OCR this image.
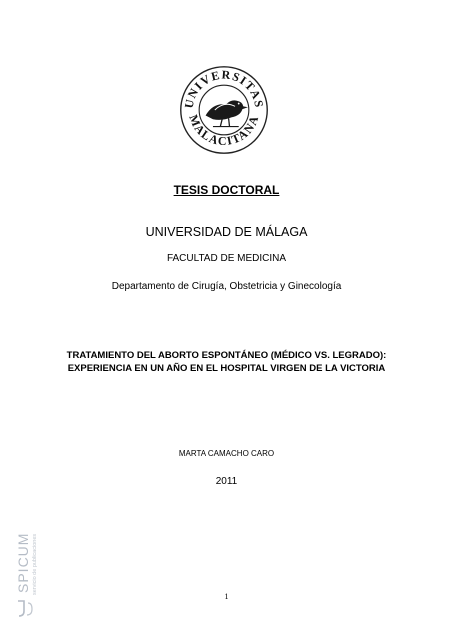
UNIVERSITAS
MALACITANA
TESIS DOCTORAL
UNIVERSIDAD DE MÁLAGA
FACULTAD DE MEDICINA
Departamento de Cirugía, Obstetricia y Ginecología
TRATAMIENTO DEL ABORTO ESPONTÁNEO (MÉDICO VS. LEGRADO):
EXPERIENCIA EN UN AÑO EN EL HOSPITAL VIRGEN DE LA VICTORIA
MARTA CAMACHO CARO
2011
1
SPICUM servicio de publicaciones
